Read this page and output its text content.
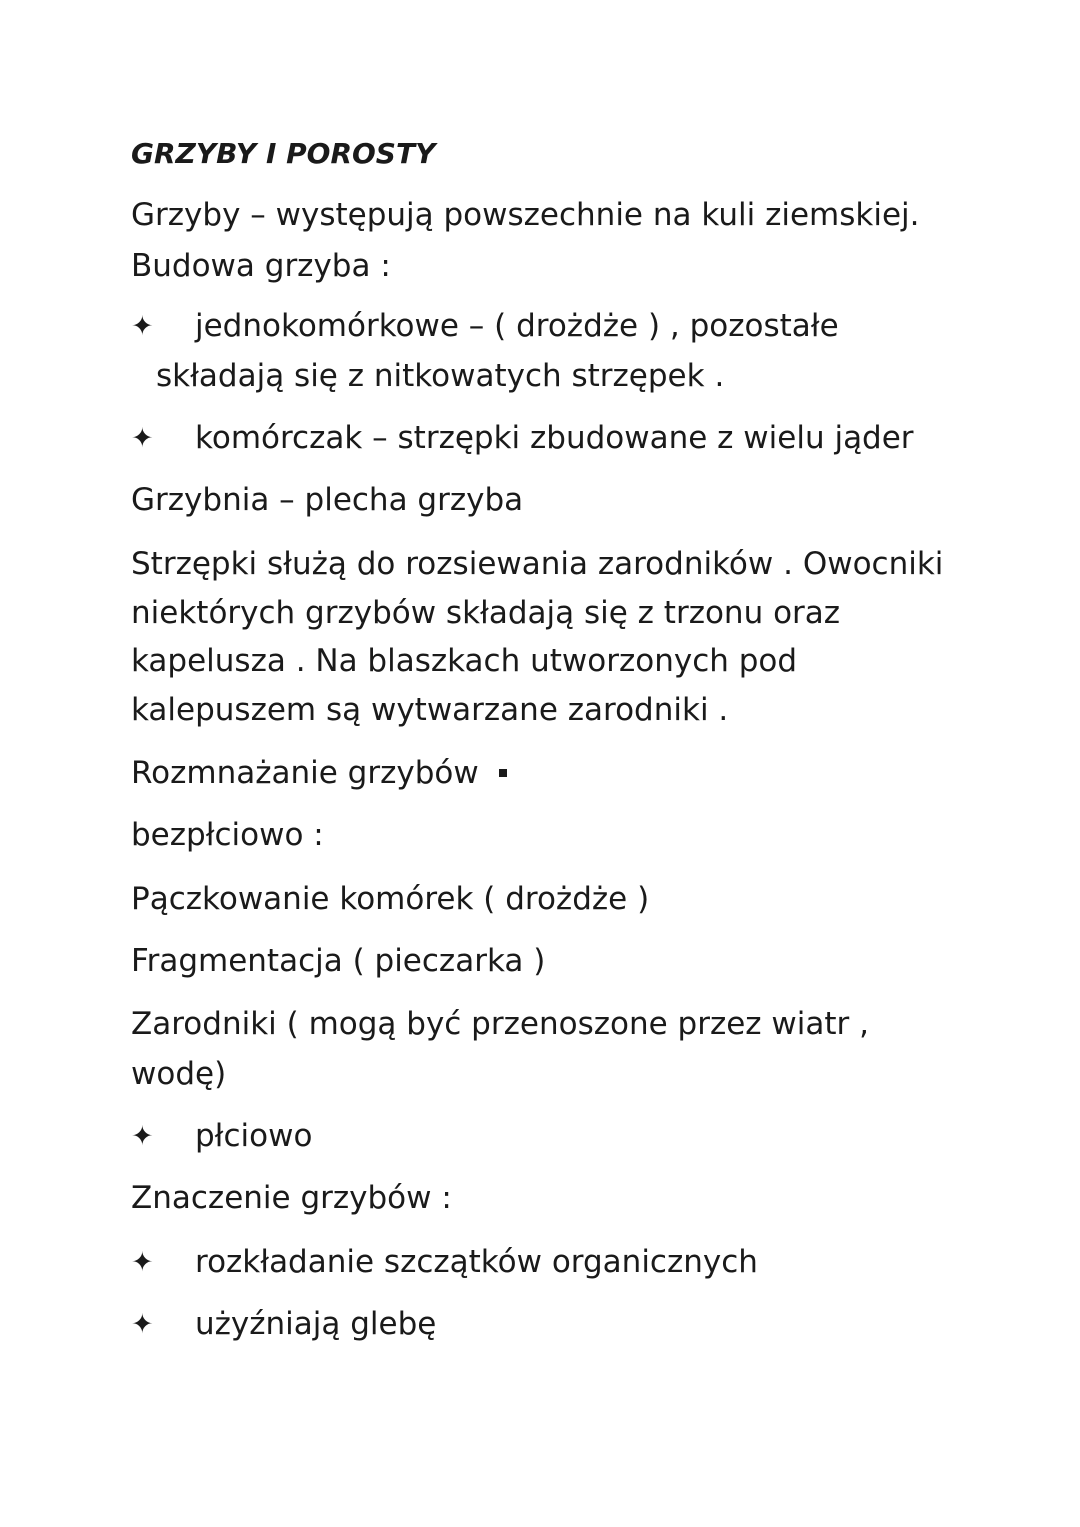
GRZYBY I POROSTY
Grzyby – występują powszechnie na kuli ziemskiej.
Budowa grzyba :
✦ jednokomórkowe – ( drożdże ) , pozostałe
składają się z nitkowatych strzępek .
✦ komórczak – strzępki zbudowane z wielu jąder
Grzybnia – plecha grzyba
Strzępki służą do rozsiewania zarodników . Owocniki
niektórych grzybów składają się z trzonu oraz
kapelusza . Na blaszkach utworzonych pod
kalepuszem są wytwarzane zarodniki .
Rozmnażanie grzybów
bezpłciowo :
Pączkowanie komórek ( drożdże )
Fragmentacja ( pieczarka )
Zarodniki ( mogą być przenoszone przez wiatr ,
wodę)
✦ płciowo
Znaczenie grzybów :
✦ rozkładanie szczątków organicznych
✦ użyźniają glebę
